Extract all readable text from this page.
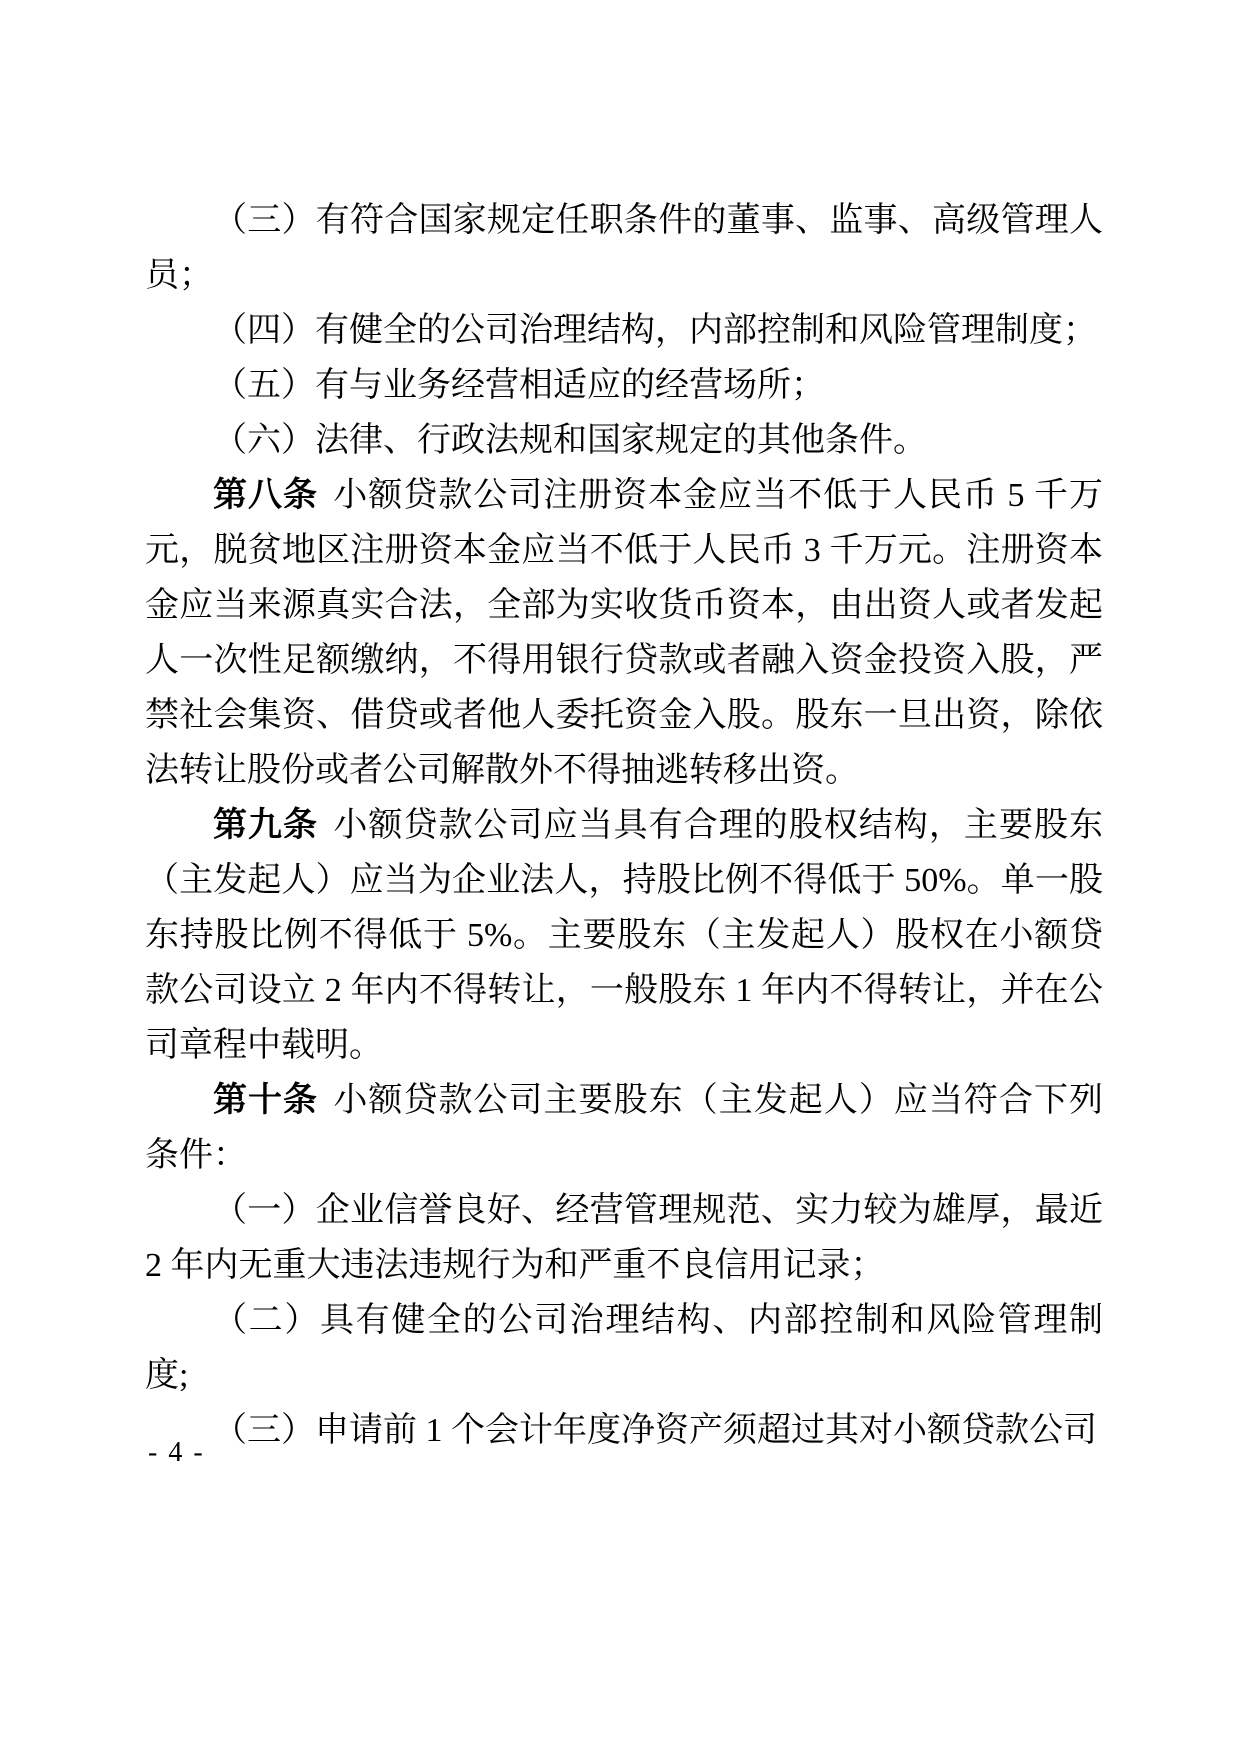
（三）有符合国家规定任职条件的董事、监事、高级管理人员；

（四）有健全的公司治理结构，内部控制和风险管理制度；

（五）有与业务经营相适应的经营场所；

（六）法律、行政法规和国家规定的其他条件。

第八条 小额贷款公司注册资本金应当不低于人民币 5 千万元，脱贫地区注册资本金应当不低于人民币 3 千万元。注册资本金应当来源真实合法，全部为实收货币资本，由出资人或者发起人一次性足额缴纳，不得用银行贷款或者融入资金投资入股，严禁社会集资、借贷或者他人委托资金入股。股东一旦出资，除依法转让股份或者公司解散外不得抽逃转移出资。

第九条 小额贷款公司应当具有合理的股权结构，主要股东（主发起人）应当为企业法人，持股比例不得低于 50%。单一股东持股比例不得低于 5%。主要股东（主发起人）股权在小额贷款公司设立 2 年内不得转让，一般股东 1 年内不得转让，并在公司章程中载明。

第十条 小额贷款公司主要股东（主发起人）应当符合下列条件：

（一）企业信誉良好、经营管理规范、实力较为雄厚，最近 2 年内无重大违法违规行为和严重不良信用记录；

（二）具有健全的公司治理结构、内部控制和风险管理制度;

（三）申请前 1 个会计年度净资产须超过其对小额贷款公司

- 4 -
